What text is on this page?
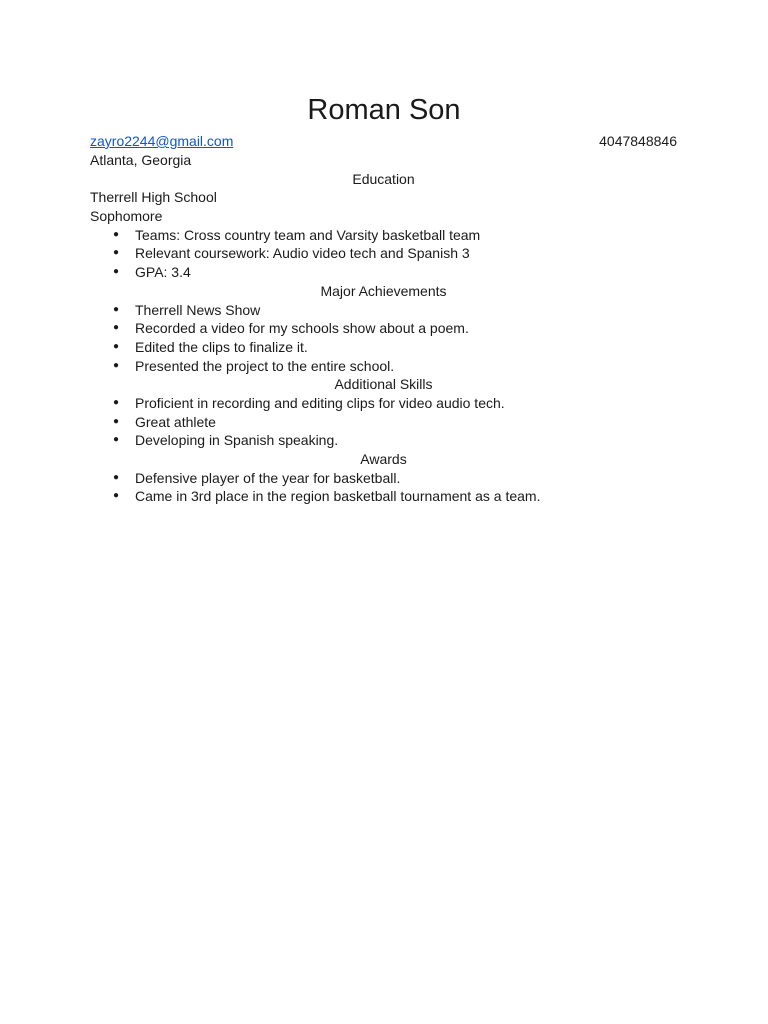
Roman Son
zayro2244@gmail.com	4047848846
Atlanta, Georgia
Education
Therrell High School
Sophomore
● Teams: Cross country team and Varsity basketball team
● Relevant coursework: Audio video tech and Spanish 3
● GPA: 3.4
Major Achievements
● Therrell News Show
● Recorded a video for my schools show about a poem.
● Edited the clips to finalize it.
● Presented the project to the entire school.
Additional Skills
● Proficient in recording and editing clips for video audio tech.
● Great athlete
● Developing in Spanish speaking.
Awards
● Defensive player of the year for basketball.
● Came in 3rd place in the region basketball tournament as a team.
